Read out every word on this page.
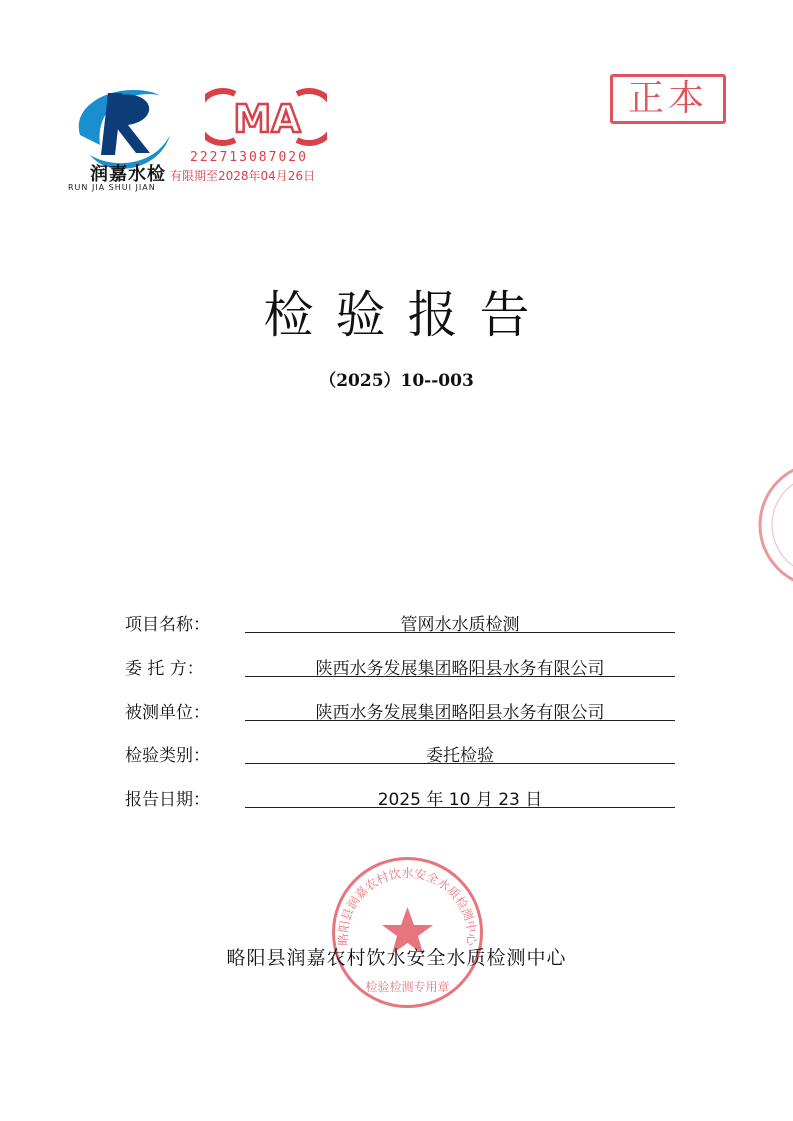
润嘉水检
RUN JIA SHUI JIAN
MA
222713087020
有限期至2028年04月26日
正本
检验报告
（2025）10--003
项目名称：	管网水水质检测
委 托 方：	陕西水务发展集团略阳县水务有限公司
被测单位：	陕西水务发展集团略阳县水务有限公司
检验类别：	委托检验
报告日期：	2025 年 10 月 23 日
略阳县润嘉农村饮水安全水质检测中心
检验检测专用章
略阳县润嘉农村饮水安全水质检测中心
